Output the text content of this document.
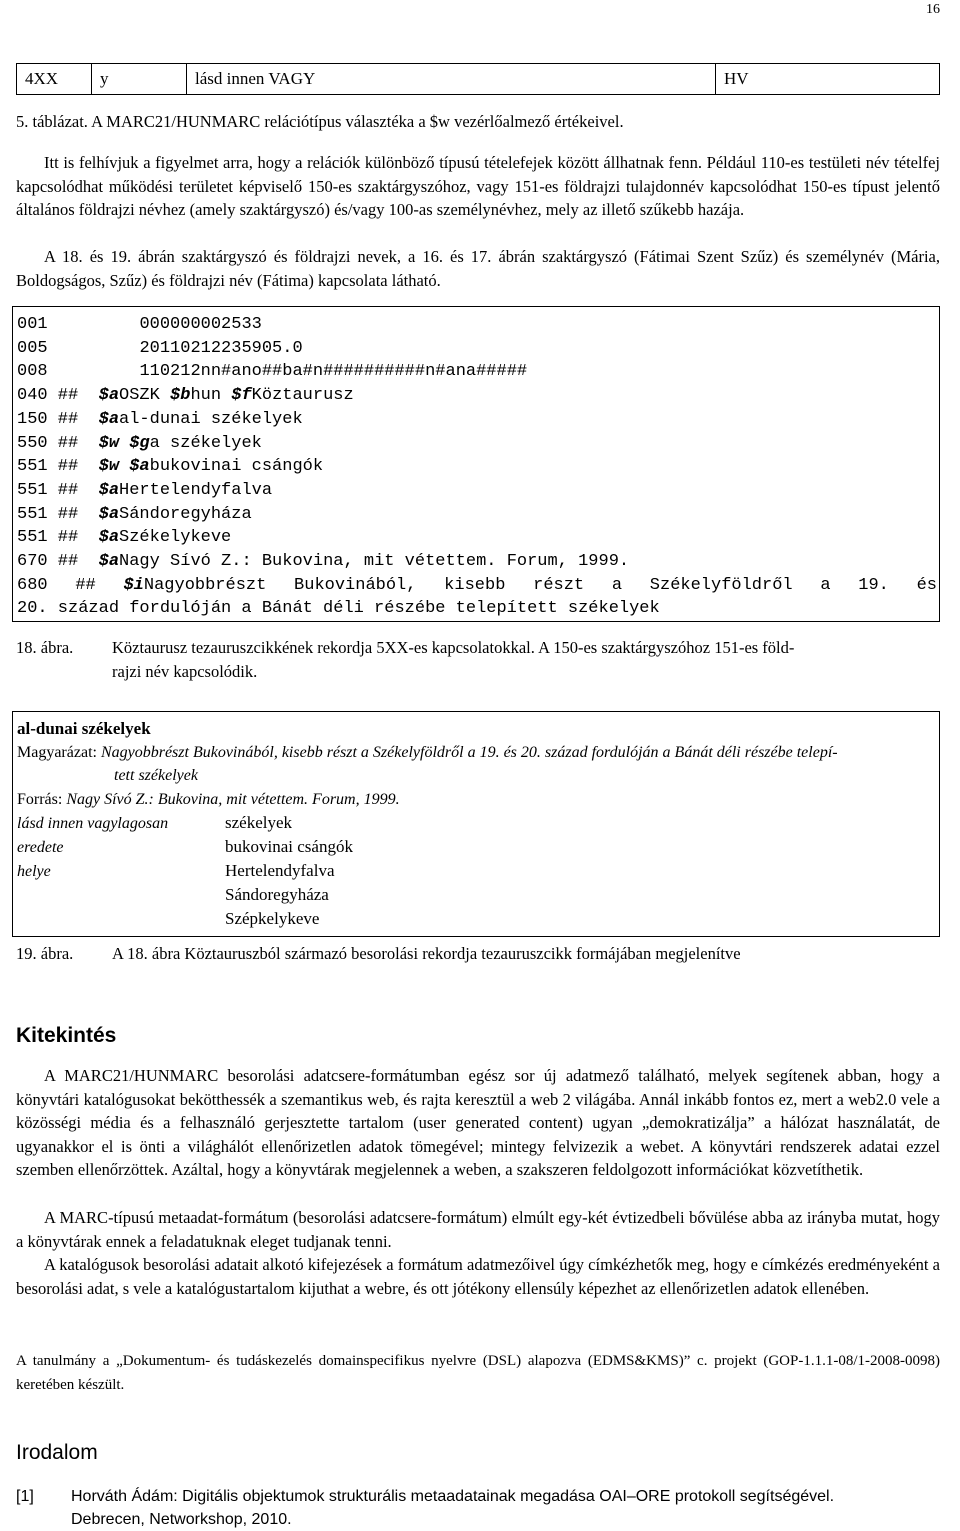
16
4XX	y	lásd innen VAGY	HV
5. táblázat. A MARC21/HUNMARC relációtípus választéka a $w vezérlőalmező értékeivel.
Itt is felhívjuk a figyelmet arra, hogy a relációk különböző típusú tételefejek között állhatnak fenn. Például 110-es testületi név tételfej kapcsolódhat működési területet képviselő 150-es szaktárgyszóhoz, vagy 151-es földrajzi tulajdonnév kapcsolódhat 150-es típust jelentő általános földrajzi névhez (amely szaktárgyszó) és/vagy 100-as személynévhez, mely az illető szűkebb hazája.
A 18. és 19. ábrán szaktárgyszó és földrajzi nevek, a 16. és 17. ábrán szaktárgyszó (Fátimai Szent Szűz) és személynév (Mária, Boldogságos, Szűz) és földrajzi név (Fátima) kapcsolata látható.
001	000000002533
005	20110212235905.0
008	110212nn#ano##ba#n##########n#ana#####
040 ## $aOSZK $bhun $fKöztaurusz
150 ## $aal-dunai székelyek
550 ## $w $ga székelyek
551 ## $w $abukovinai csángók
551 ## $aHertelendyfalva
551 ## $aSándoregyháza
551 ## $aSzékelykeve
670 ## $aNagy Sívó Z.: Bukovina, mit vétettem. Forum, 1999.
680 ## $iNagyobbrészt Bukovinából, kisebb részt a Székelyföldről a 19. és
20. század fordulóján a Bánát déli részébe telepített székelyek
18. ábra. Köztaurusz tezauruszcikkének rekordja 5XX-es kapcsolatokkal. A 150-es szaktárgyszóhoz 151-es föld-
rajzi név kapcsolódik.
al-dunai székelyek
Magyarázat: Nagyobbrészt Bukovinából, kisebb részt a Székelyföldről a 19. és 20. század fordulóján a Bánát déli részébe telepí-
tett székelyek
Forrás: Nagy Sívó Z.: Bukovina, mit vétettem. Forum, 1999.
lásd innen vagylagosan	székelyek
eredete	bukovinai csángók
helye	Hertelendyfalva
Sándoregyháza
Szépkelykeve
19. ábra. A 18. ábra Köztauruszból származó besorolási rekordja tezauruszcikk formájában megjelenítve
Kitekintés
A MARC21/HUNMARC besorolási adatcsere-formátumban egész sor új adatmező található, melyek segítenek abban, hogy a könyvtári katalógusokat bekötthessék a szemantikus web, és rajta keresztül a web 2 világába. Annál inkább fontos ez, mert a web2.0 vele a közösségi média és a felhasználó gerjesztette tartalom (user generated content) ugyan „demokratizálja” a hálózat használatát, de ugyanakkor el is önti a világhálót ellenőrizetlen adatok tömegével; mintegy felvizezik a webet. A könyvtári rendszerek adatai ezzel szemben ellenőrzöttek. Azáltal, hogy a könyvtárak megjelennek a weben, a szakszeren feldolgozott információkat közvetíthetik.
A MARC-típusú metaadat-formátum (besorolási adatcsere-formátum) elmúlt egy-két évtizedbeli bővülése abba az irányba mutat, hogy a könyvtárak ennek a feladatuknak eleget tudjanak tenni.
A katalógusok besorolási adatait alkotó kifejezések a formátum adatmezőivel úgy címkézhetők meg, hogy e címkézés eredményeként a besorolási adat, s vele a katalógustartalom kijuthat a webre, és ott jótékony ellensúly képezhet az ellenőrizetlen adatok ellenében.
A tanulmány a „Dokumentum- és tudáskezelés domainspecifikus nyelvre (DSL) alapozva (EDMS&KMS)” c. projekt (GOP-1.1.1-08/1-2008-0098) keretében készült.
Irodalom
[1] Horváth Ádám: Digitális objektumok strukturális metaadatainak megadása OAI–ORE protokoll segítségével.
Debrecen, Networkshop, 2010.
